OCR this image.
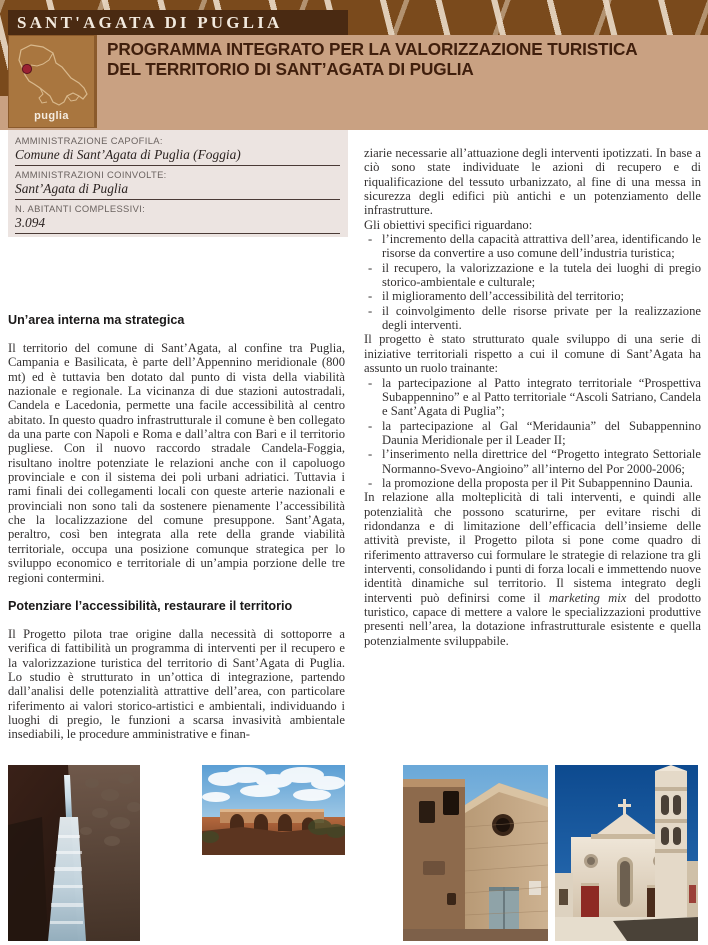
SANT'AGATA DI PUGLIA
puglia
PROGRAMMA INTEGRATO PER LA VALORIZZAZIONE TURISTICA
DEL TERRITORIO DI SANT’AGATA DI PUGLIA
AMMINISTRAZIONE CAPOFILA:
Comune di Sant’Agata di Puglia (Foggia)
AMMINISTRAZIONI COINVOLTE:
Sant’Agata di Puglia
N. ABITANTI COMPLESSIVI:
3.094
Un’area interna ma strategica

Il territorio del comune di Sant’Agata, al confine tra Puglia, Campania e Basilicata, è parte dell’Appennino meridionale (800 mt) ed è tuttavia ben dotato dal punto di vista della viabilità nazionale e regionale. La vicinanza di due stazioni autostradali, Candela e Lacedonia, permette una facile accessibilità al centro abitato. In questo quadro infrastrutturale il comune è ben collegato da una parte con Napoli e Roma e dall’altra con Bari e il territorio pugliese. Con il nuovo raccordo stradale Candela-Foggia, risultano inoltre potenziate le relazioni anche con il capoluogo provinciale e con il sistema dei poli urbani adriatici. Tuttavia i rami finali dei collegamenti locali con queste arterie nazionali e provinciali non sono tali da sostenere pienamente l’accessibilità che la localizzazione del comune presuppone. Sant’Agata, peraltro, così ben integrata alla rete della grande viabilità territoriale, occupa una posizione comunque strategica per lo sviluppo economico e territoriale di un’ampia porzione delle tre regioni contermini.

Potenziare l’accessibilità, restaurare il territorio

Il Progetto pilota trae origine dalla necessità di sottoporre a verifica di fattibilità un programma di interventi per il recupero e la valorizzazione turistica del territorio di Sant’Agata di Puglia. Lo studio è strutturato in un’ottica di integrazione, partendo dall’analisi delle potenzialità attrattive dell’area, con particolare riferimento ai valori storico-artistici e ambientali, individuando i luoghi di pregio, le funzioni a scarsa invasività ambientale insediabili, le procedure amministrative e finan-

ziarie necessarie all’attuazione degli interventi ipotizzati. In base a ciò sono state individuate le azioni di recupero e di riqualificazione del tessuto urbanizzato, al fine di una messa in sicurezza degli edifici più antichi e un potenziamento delle infrastrutture.

Gli obiettivi specifici riguardano:

- l’incremento della capacità attrattiva dell’area, identificando le risorse da convertire a uso comune dell’industria turistica;
- il recupero, la valorizzazione e la tutela dei luoghi di pregio storico-ambientale e culturale;
- il miglioramento dell’accessibilità del territorio;
- il coinvolgimento delle risorse private per la realizzazione degli interventi.

Il progetto è stato strutturato quale sviluppo di una serie di iniziative territoriali rispetto a cui il comune di Sant’Agata ha assunto un ruolo trainante:

- la partecipazione al Patto integrato territoriale “Prospettiva Subappennino” e al Patto territoriale “Ascoli Satriano, Candela e Sant’Agata di Puglia”;
- la partecipazione al Gal “Meridaunia” del Subappennino Daunia Meridionale per il Leader II;
- l’inserimento nella direttrice del “Progetto integrato Settoriale Normanno-Svevo-Angioino” all’interno del Por 2000-2006;
- la promozione della proposta per il Pit Subappennino Daunia.

In relazione alla molteplicità di tali interventi, e quindi alle potenzialità che possono scaturirne, per evitare rischi di ridondanza e di limitazione dell’efficacia dell’insieme delle attività previste, il Progetto pilota si pone come quadro di riferimento attraverso cui formulare le strategie di relazione tra gli interventi, consolidando i punti di forza locali e immettendo nuove identità dinamiche sul territorio. Il sistema integrato degli interventi può definirsi come il marketing mix del prodotto turistico, capace di mettere a valore le specializzazioni produttive presenti nell’area, la dotazione infrastrutturale esistente e quella potenzialmente sviluppabile.
